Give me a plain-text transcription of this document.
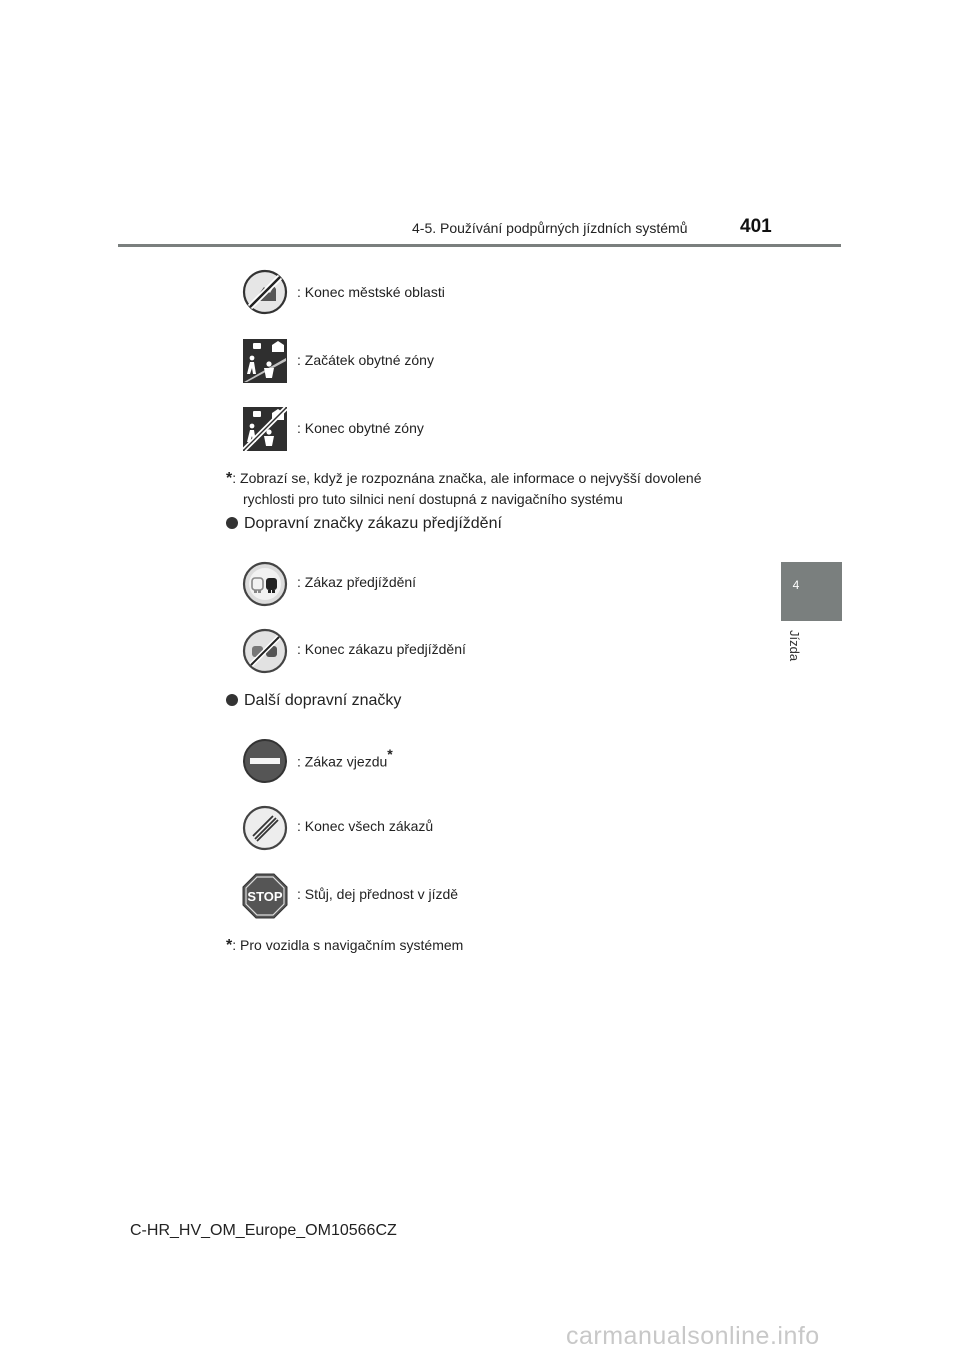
4-5. Používání podpůrných jízdních systémů	401
4
Jízda
: Konec městské oblasti
: Začátek obytné zóny
: Konec obytné zóny
*: Zobrazí se, když je rozpoznána značka, ale informace o nejvyšší dovolené
rychlosti pro tuto silnici není dostupná z navigačního systému
Dopravní značky zákazu předjíždění
: Zákaz předjíždění
: Konec zákazu předjíždění
Další dopravní značky
: Zákaz vjezdu*
: Konec všech zákazů
STOP : Stůj, dej přednost v jízdě
*: Pro vozidla s navigačním systémem
C-HR_HV_OM_Europe_OM10566CZ
carmanualsonline.info
